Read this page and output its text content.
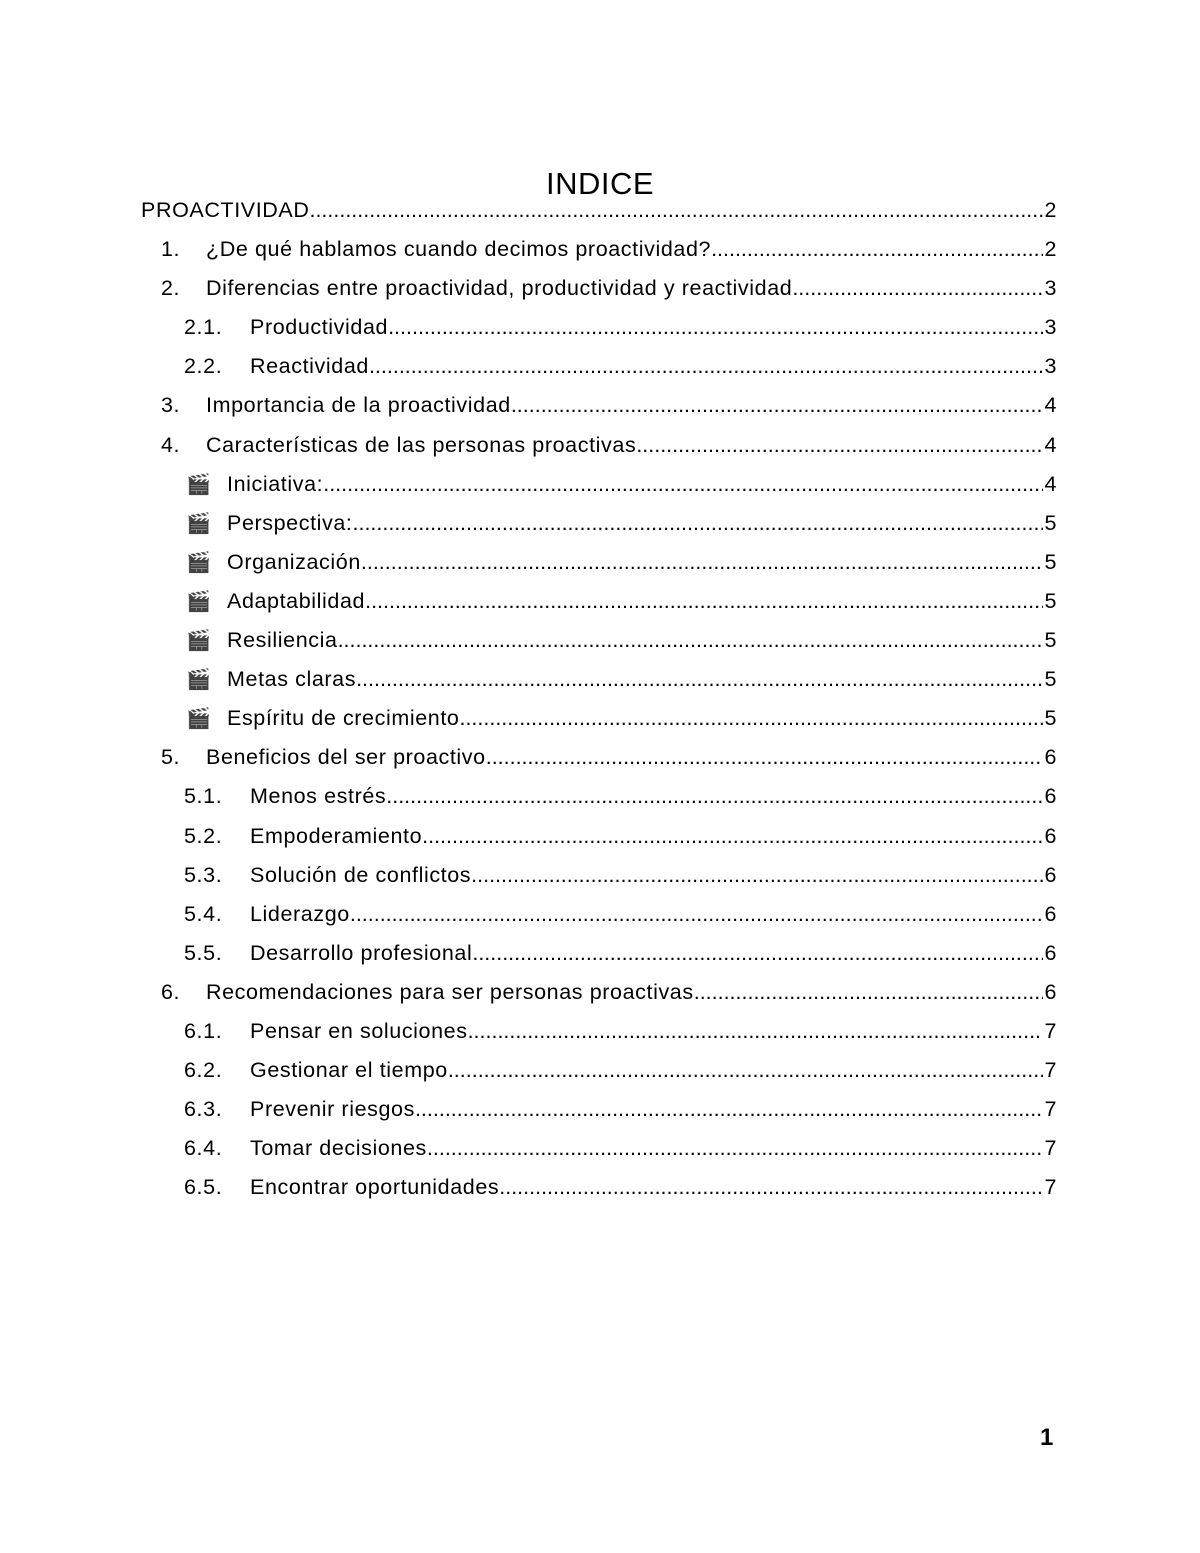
INDICE
PROACTIVIDAD .....	2
1.	¿De qué hablamos cuando decimos proactividad? .....	2
2.	Diferencias entre proactividad, productividad y reactividad .....	3
2.1.	Productividad .....	3
2.2.	Reactividad .....	3
3.	Importancia de la proactividad .....	4
4.	Características de las personas proactivas .....	4
🎬 Iniciativa: .....	4
🎬 Perspectiva: .....	5
🎬 Organización .....	5
🎬 Adaptabilidad .....	5
🎬 Resiliencia .....	5
🎬 Metas claras .....	5
🎬 Espíritu de crecimiento .....	5
5.	Beneficios del ser proactivo .....	6
5.1.	Menos estrés .....	6
5.2.	Empoderamiento .....	6
5.3.	Solución de conflictos .....	6
5.4.	Liderazgo .....	6
5.5.	Desarrollo profesional .....	6
6.	Recomendaciones para ser personas proactivas .....	6
6.1.	Pensar en soluciones .....	7
6.2.	Gestionar el tiempo .....	7
6.3.	Prevenir riesgos .....	7
6.4.	Tomar decisiones .....	7
6.5.	Encontrar oportunidades .....	7
1
